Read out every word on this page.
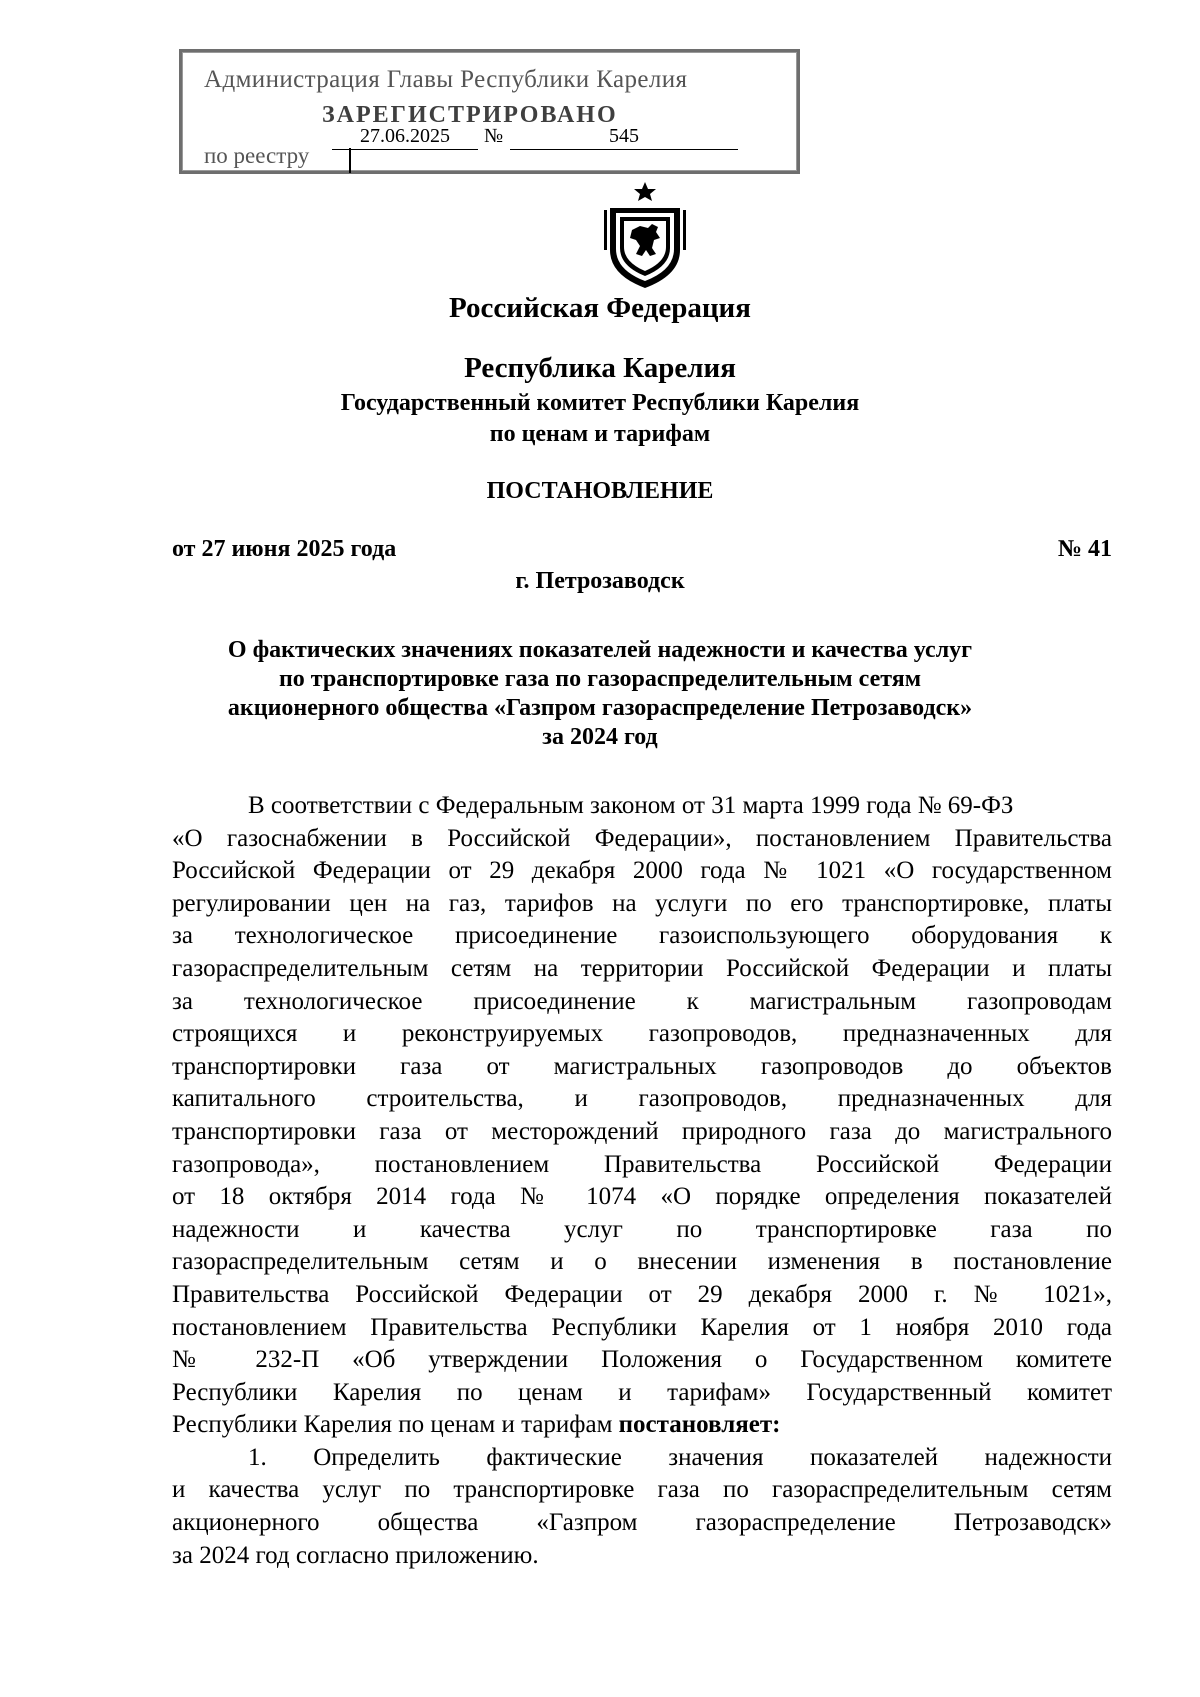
Администрация Главы Республики Карелия
ЗАРЕГИСТРИРОВАНО
по реестру
27.06.2025	№	545
Российская Федерация
Республика Карелия
Государственный комитет Республики Карелия
по ценам и тарифам
ПОСТАНОВЛЕНИЕ
от 27 июня 2025 года	№ 41
г. Петрозаводск
О фактических значениях показателей надежности и качества услуг
по транспортировке газа по газораспределительным сетям
акционерного общества «Газпром газораспределение Петрозаводск»
за 2024 год
В соответствии с Федеральным законом от 31 марта 1999 года № 69-ФЗ
«О газоснабжении в Российской Федерации», постановлением Правительства
Российской Федерации от 29 декабря 2000 года № 1021 «О государственном
регулировании цен на газ, тарифов на услуги по его транспортировке, платы
за технологическое присоединение газоиспользующего оборудования к
газораспределительным сетям на территории Российской Федерации и платы
за технологическое присоединение к магистральным газопроводам
строящихся и реконструируемых газопроводов, предназначенных для
транспортировки газа от магистральных газопроводов до объектов
капитального строительства, и газопроводов, предназначенных для
транспортировки газа от месторождений природного газа до магистрального
газопровода», постановлением Правительства Российской Федерации
от 18 октября 2014 года № 1074 «О порядке определения показателей
надежности и качества услуг по транспортировке газа по
газораспределительным сетям и о внесении изменения в постановление
Правительства Российской Федерации от 29 декабря 2000 г. № 1021»,
постановлением Правительства Республики Карелия от 1 ноября 2010 года
№ 232-П «Об утверждении Положения о Государственном комитете
Республики Карелия по ценам и тарифам» Государственный комитет
Республики Карелия по ценам и тарифам постановляет:
1. Определить фактические значения показателей надежности
и качества услуг по транспортировке газа по газораспределительным сетям
акционерного общества «Газпром газораспределение Петрозаводск»
за 2024 год согласно приложению.
